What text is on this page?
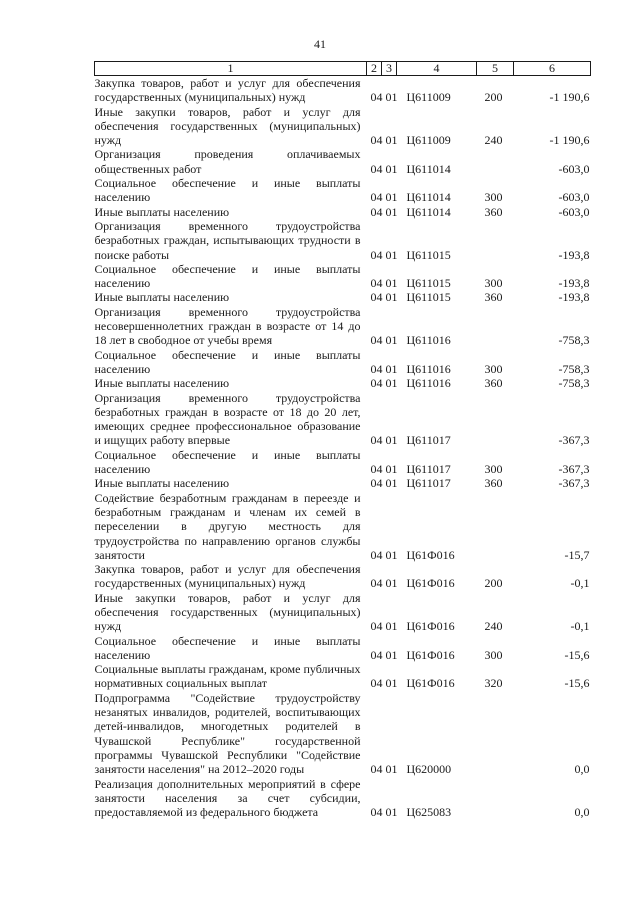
41
1	2	3	4	5	6
Закупка товаров, работ и услуг для обеспечения государственных (муниципальных) нужд	04	01	Ц611009	200	-1 190,6
Иные закупки товаров, работ и услуг для обеспечения государственных (муниципальных) нужд	04	01	Ц611009	240	-1 190,6
Организация проведения оплачиваемых общественных работ	04	01	Ц611014		-603,0
Социальное обеспечение и иные выплаты населению	04	01	Ц611014	300	-603,0
Иные выплаты населению	04	01	Ц611014	360	-603,0
Организация временного трудоустройства безработных граждан, испытывающих трудности в поиске работы	04	01	Ц611015		-193,8
Социальное обеспечение и иные выплаты населению	04	01	Ц611015	300	-193,8
Иные выплаты населению	04	01	Ц611015	360	-193,8
Организация временного трудоустройства несовершеннолетних граждан в возрасте от 14 до 18 лет в свободное от учебы время	04	01	Ц611016		-758,3
Социальное обеспечение и иные выплаты населению	04	01	Ц611016	300	-758,3
Иные выплаты населению	04	01	Ц611016	360	-758,3
Организация временного трудоустройства безработных граждан в возрасте от 18 до 20 лет, имеющих среднее профессиональное образование и ищущих работу впервые	04	01	Ц611017		-367,3
Социальное обеспечение и иные выплаты населению	04	01	Ц611017	300	-367,3
Иные выплаты населению	04	01	Ц611017	360	-367,3
Содействие безработным гражданам в переезде и безработным гражданам и членам их семей в переселении в другую местность для трудоустройства по направлению органов службы занятости	04	01	Ц61Ф016		-15,7
Закупка товаров, работ и услуг для обеспечения государственных (муниципальных) нужд	04	01	Ц61Ф016	200	-0,1
Иные закупки товаров, работ и услуг для обеспечения государственных (муниципальных) нужд	04	01	Ц61Ф016	240	-0,1
Социальное обеспечение и иные выплаты населению	04	01	Ц61Ф016	300	-15,6
Социальные выплаты гражданам, кроме публичных нормативных социальных выплат	04	01	Ц61Ф016	320	-15,6
Подпрограмма "Содействие трудоустройству незанятых инвалидов, родителей, воспитывающих детей-инвалидов, многодетных родителей в Чувашской Республике" государственной программы Чувашской Республики "Содействие занятости населения" на 2012–2020 годы	04	01	Ц620000		0,0
Реализация дополнительных мероприятий в сфере занятости населения за счет субсидии, предоставляемой из федерального бюджета	04	01	Ц625083		0,0
